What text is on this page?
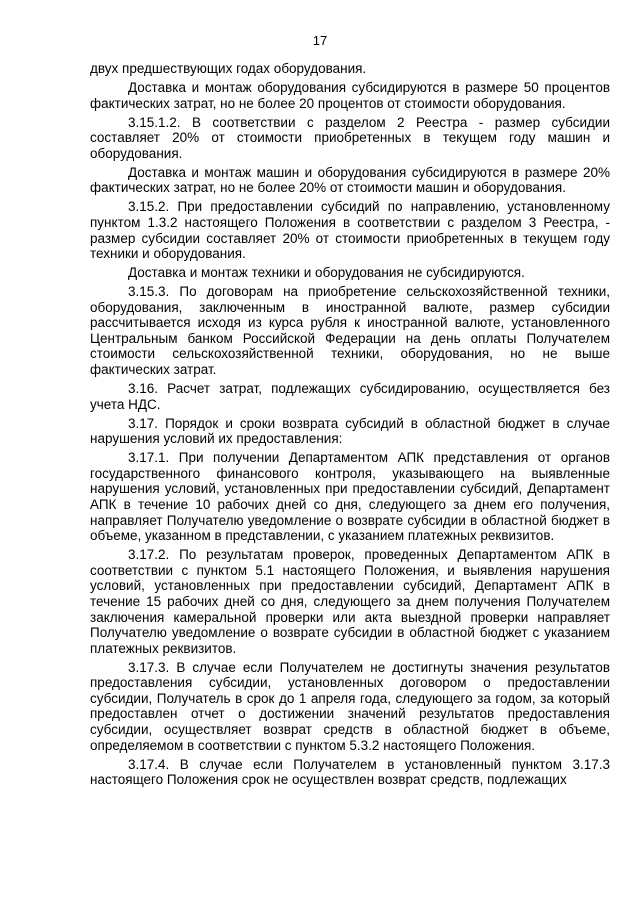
17

двух предшествующих годах оборудования.

Доставка и монтаж оборудования субсидируются в размере 50 процентов фактических затрат, но не более 20 процентов от стоимости оборудования.

3.15.1.2. В соответствии с разделом 2 Реестра - размер субсидии составляет 20% от стоимости приобретенных в текущем году машин и оборудования.

Доставка и монтаж машин и оборудования субсидируются в размере 20% фактических затрат, но не более 20% от стоимости машин и оборудования.

3.15.2. При предоставлении субсидий по направлению, установленному пунктом 1.3.2 настоящего Положения в соответствии с разделом 3 Реестра, - размер субсидии составляет 20% от стоимости приобретенных в текущем году техники и оборудования.

Доставка и монтаж техники и оборудования не субсидируются.

3.15.3. По договорам на приобретение сельскохозяйственной техники, оборудования, заключенным в иностранной валюте, размер субсидии рассчитывается исходя из курса рубля к иностранной валюте, установленного Центральным банком Российской Федерации на день оплаты Получателем стоимости сельскохозяйственной техники, оборудования, но не выше фактических затрат.

3.16. Расчет затрат, подлежащих субсидированию, осуществляется без учета НДС.

3.17. Порядок и сроки возврата субсидий в областной бюджет в случае нарушения условий их предоставления:

3.17.1. При получении Департаментом АПК представления от органов государственного финансового контроля, указывающего на выявленные нарушения условий, установленных при предоставлении субсидий, Департамент АПК в течение 10 рабочих дней со дня, следующего за днем его получения, направляет Получателю уведомление о возврате субсидии в областной бюджет в объеме, указанном в представлении, с указанием платежных реквизитов.

3.17.2. По результатам проверок, проведенных Департаментом АПК в соответствии с пунктом 5.1 настоящего Положения, и выявления нарушения условий, установленных при предоставлении субсидий, Департамент АПК в течение 15 рабочих дней со дня, следующего за днем получения Получателем заключения камеральной проверки или акта выездной проверки направляет Получателю уведомление о возврате субсидии в областной бюджет с указанием платежных реквизитов.

3.17.3. В случае если Получателем не достигнуты значения результатов предоставления субсидии, установленных договором о предоставлении субсидии, Получатель в срок до 1 апреля года, следующего за годом, за который предоставлен отчет о достижении значений результатов предоставления субсидии, осуществляет возврат средств в областной бюджет в объеме, определяемом в соответствии с пунктом 5.3.2 настоящего Положения.

3.17.4. В случае если Получателем в установленный пунктом 3.17.3 настоящего Положения срок не осуществлен возврат средств, подлежащих
